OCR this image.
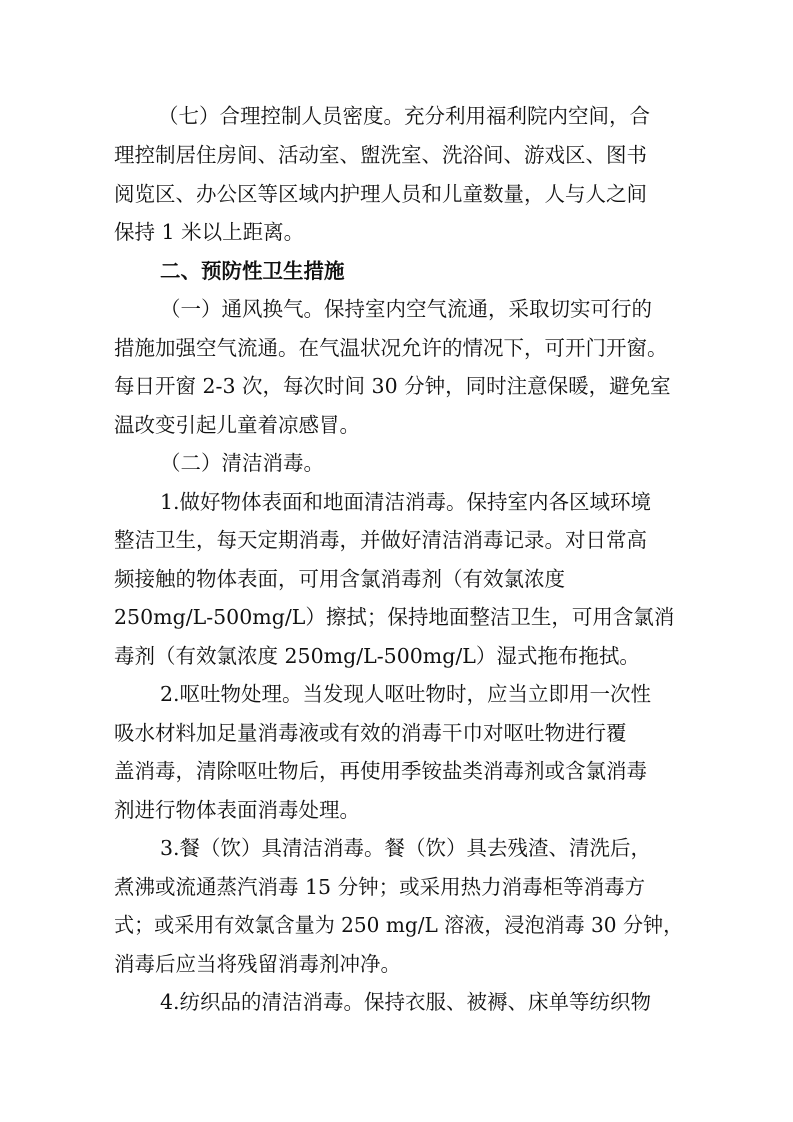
（七）合理控制人员密度。充分利用福利院内空间，合
理控制居住房间、活动室、盥洗室、洗浴间、游戏区、图书
阅览区、办公区等区域内护理人员和儿童数量，人与人之间
保持 1 米以上距离。
二、预防性卫生措施
（一）通风换气。保持室内空气流通，采取切实可行的
措施加强空气流通。在气温状况允许的情况下，可开门开窗。
每日开窗 2-3 次，每次时间 30 分钟，同时注意保暖，避免室
温改变引起儿童着凉感冒。
（二）清洁消毒。
1.做好物体表面和地面清洁消毒。保持室内各区域环境
整洁卫生，每天定期消毒，并做好清洁消毒记录。对日常高
频接触的物体表面，可用含氯消毒剂（有效氯浓度
250mg/L-500mg/L）擦拭；保持地面整洁卫生，可用含氯消
毒剂（有效氯浓度 250mg/L-500mg/L）湿式拖布拖拭。
2.呕吐物处理。当发现人呕吐物时，应当立即用一次性
吸水材料加足量消毒液或有效的消毒干巾对呕吐物进行覆
盖消毒，清除呕吐物后，再使用季铵盐类消毒剂或含氯消毒
剂进行物体表面消毒处理。
3.餐（饮）具清洁消毒。餐（饮）具去残渣、清洗后，
煮沸或流通蒸汽消毒 15 分钟；或采用热力消毒柜等消毒方
式；或采用有效氯含量为 250 mg/L 溶液，浸泡消毒 30 分钟，
消毒后应当将残留消毒剂冲净。
4.纺织品的清洁消毒。保持衣服、被褥、床单等纺织物
